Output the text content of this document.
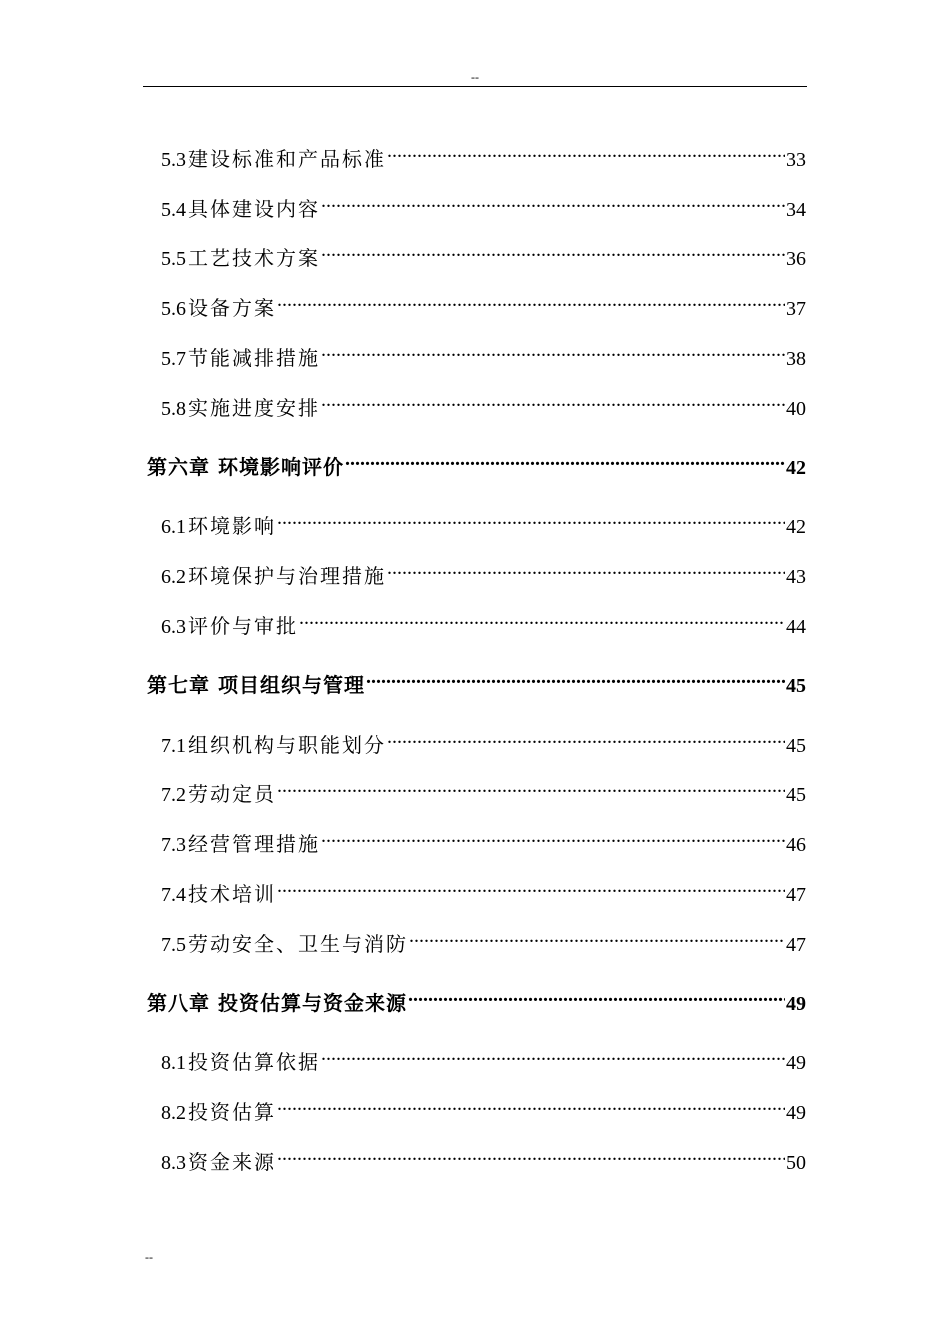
--
5.3 建设标准和产品标准 .....	33
5.4 具体建设内容 .....	34
5.5 工艺技术方案 .....	36
5.6 设备方案 .....	37
5.7 节能减排措施 .....	38
5.8 实施进度安排 .....	40
第六章 环境影响评价 .....	42
6.1 环境影响 .....	42
6.2 环境保护与治理措施 .....	43
6.3 评价与审批 .....	44
第七章 项目组织与管理 .....	45
7.1 组织机构与职能划分 .....	45
7.2 劳动定员 .....	45
7.3 经营管理措施 .....	46
7.4 技术培训 .....	47
7.5 劳动安全、卫生与消防 .....	47
第八章 投资估算与资金来源 .....	49
8.1 投资估算依据 .....	49
8.2 投资估算 .....	49
8.3 资金来源 .....	50
--
